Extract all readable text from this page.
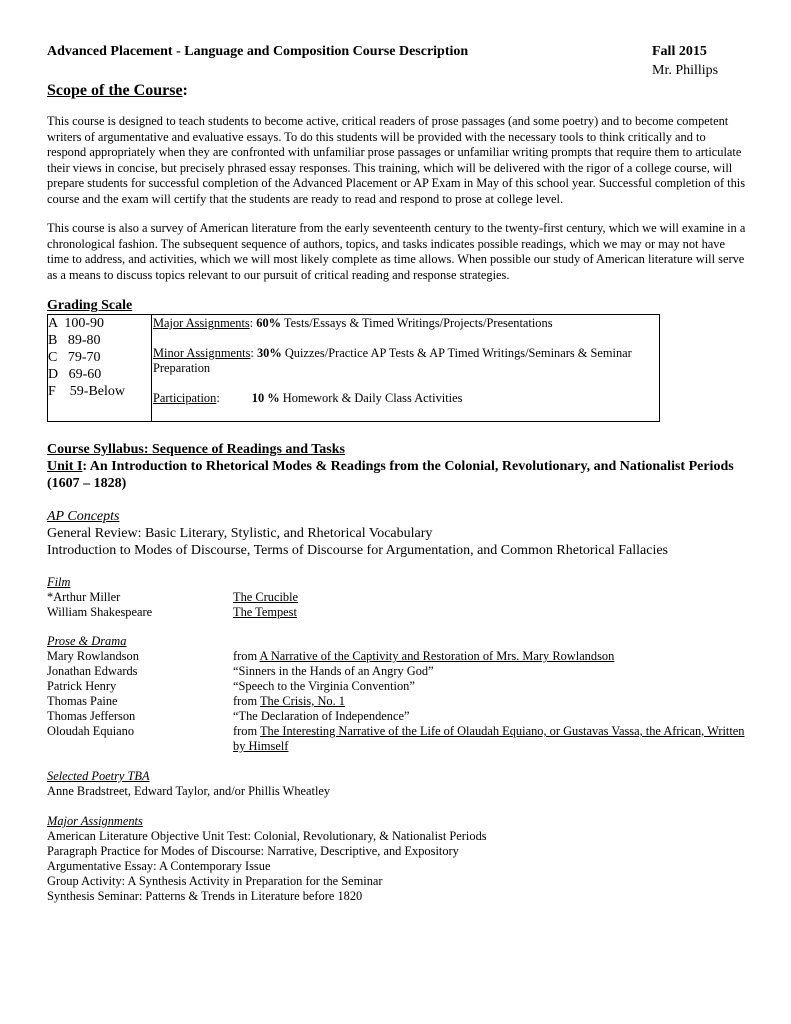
Advanced Placement - Language and Composition Course Description	Fall 2015
Mr. Phillips
Scope of the Course:

This course is designed to teach students to become active, critical readers of prose passages (and some poetry) and to become competent writers of argumentative and evaluative essays. To do this students will be provided with the necessary tools to think critically and to respond appropriately when they are confronted with unfamiliar prose passages or unfamiliar writing prompts that require them to articulate their views in concise, but precisely phrased essay responses. This training, which will be delivered with the rigor of a college course, will prepare students for successful completion of the Advanced Placement or AP Exam in May of this school year. Successful completion of this course and the exam will certify that the students are ready to read and respond to prose at college level.

This course is also a survey of American literature from the early seventeenth century to the twenty-first century, which we will examine in a chronological fashion. The subsequent sequence of authors, topics, and tasks indicates possible readings, which we may or may not have time to address, and activities, which we will most likely complete as time allows. When possible our study of American literature will serve as a means to discuss topics relevant to our pursuit of critical reading and response strategies.

Grading Scale
A  100-90
B   89-80
C   79-70
D   69-60
F    59-Below
Major Assignments: 60% Tests/Essays & Timed Writings/Projects/Presentations
Minor Assignments: 30% Quizzes/Practice AP Tests & AP Timed Writings/Seminars & Seminar Preparation
Participation:	10 % Homework & Daily Class Activities
Course Syllabus: Sequence of Readings and Tasks
Unit I: An Introduction to Rhetorical Modes & Readings from the Colonial, Revolutionary, and Nationalist Periods (1607 – 1828)
AP Concepts
General Review: Basic Literary, Stylistic, and Rhetorical Vocabulary
Introduction to Modes of Discourse, Terms of Discourse for Argumentation, and Common Rhetorical Fallacies
Film
*Arthur Miller	The Crucible
William Shakespeare	The Tempest
Prose & Drama
Mary Rowlandson	from A Narrative of the Captivity and Restoration of Mrs. Mary Rowlandson
Jonathan Edwards	“Sinners in the Hands of an Angry God”
Patrick Henry	“Speech to the Virginia Convention”
Thomas Paine	from The Crisis, No. 1
Thomas Jefferson	“The Declaration of Independence”
Oloudah Equiano	from The Interesting Narrative of the Life of Olaudah Equiano, or Gustavas Vassa, the African, Written by Himself
Selected Poetry TBA
Anne Bradstreet, Edward Taylor, and/or Phillis Wheatley
Major Assignments
American Literature Objective Unit Test: Colonial, Revolutionary, & Nationalist Periods
Paragraph Practice for Modes of Discourse: Narrative, Descriptive, and Expository
Argumentative Essay: A Contemporary Issue
Group Activity: A Synthesis Activity in Preparation for the Seminar
Synthesis Seminar: Patterns & Trends in Literature before 1820
